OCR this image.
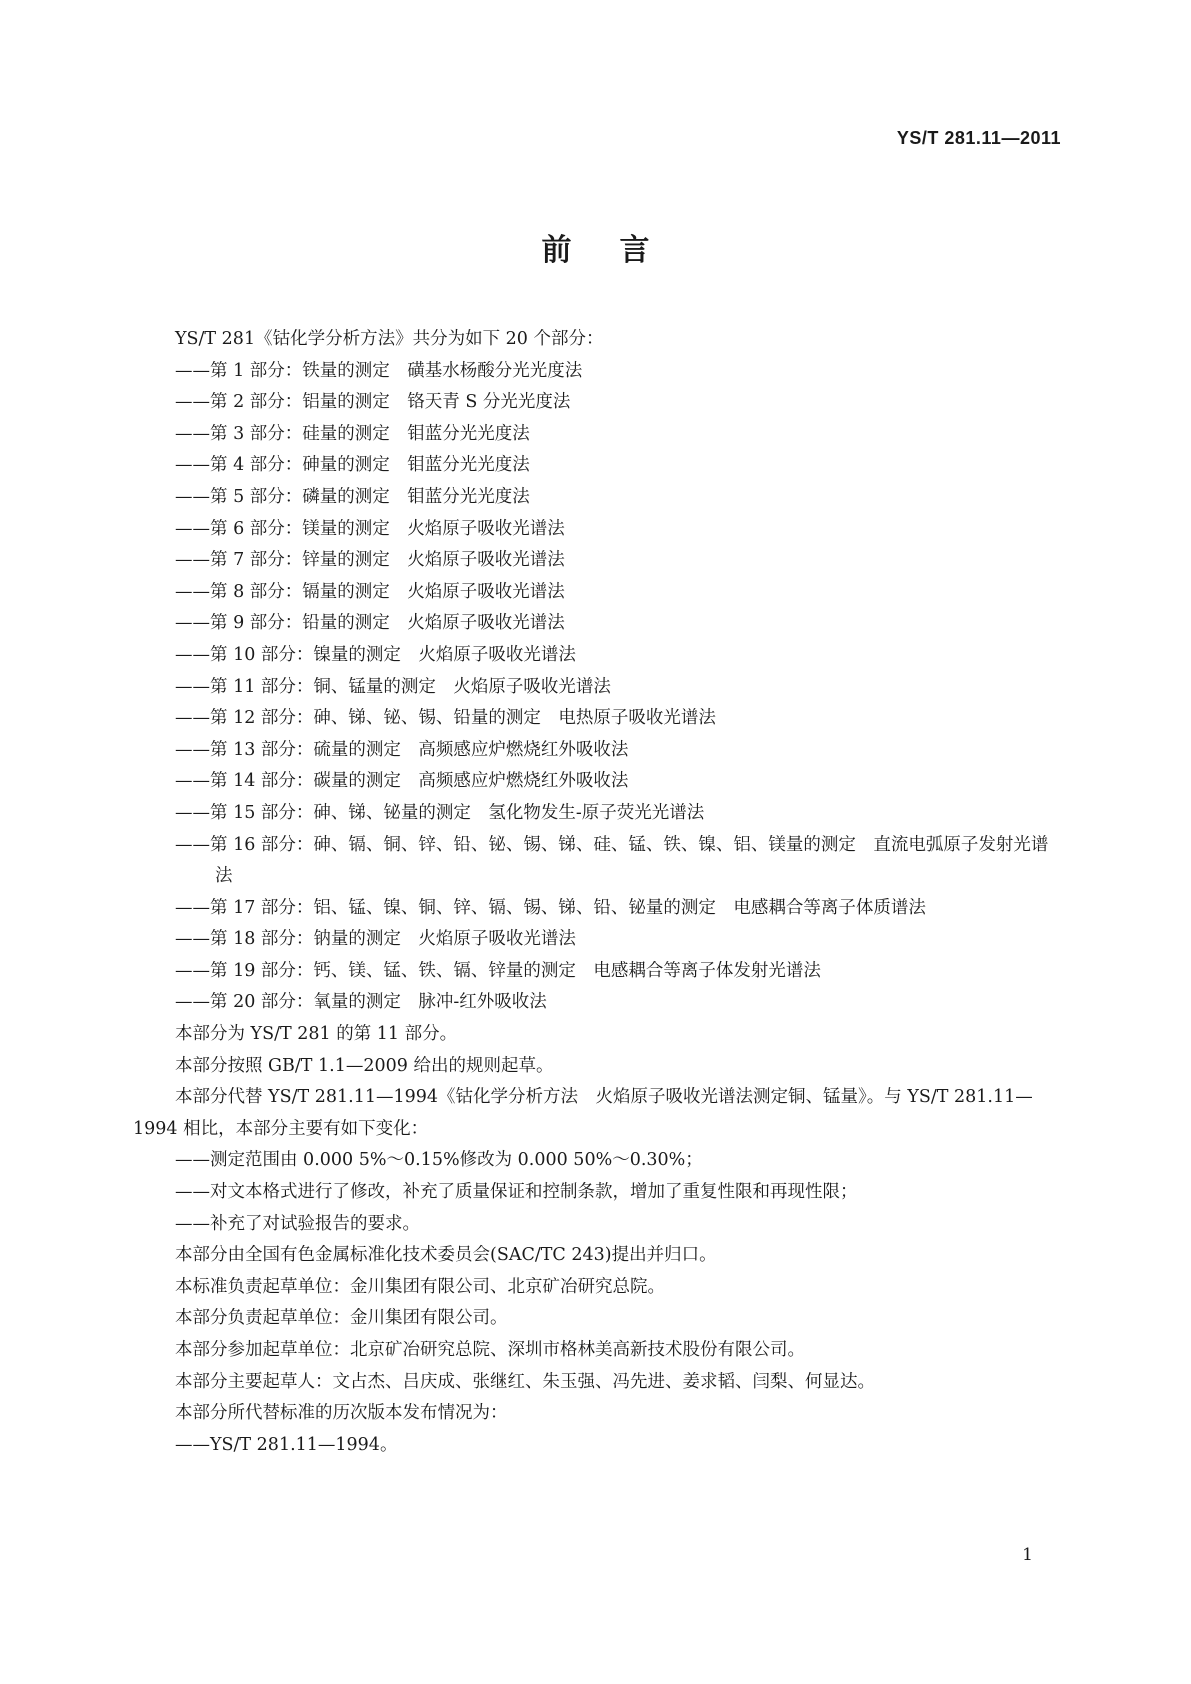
YS/T 281.11—2011
前言

YS/T 281《钴化学分析方法》共分为如下 20 个部分：

——第 1 部分：铁量的测定　磺基水杨酸分光光度法

——第 2 部分：铝量的测定　铬天青 S 分光光度法

——第 3 部分：硅量的测定　钼蓝分光光度法

——第 4 部分：砷量的测定　钼蓝分光光度法

——第 5 部分：磷量的测定　钼蓝分光光度法

——第 6 部分：镁量的测定　火焰原子吸收光谱法

——第 7 部分：锌量的测定　火焰原子吸收光谱法

——第 8 部分：镉量的测定　火焰原子吸收光谱法

——第 9 部分：铅量的测定　火焰原子吸收光谱法

——第 10 部分：镍量的测定　火焰原子吸收光谱法

——第 11 部分：铜、锰量的测定　火焰原子吸收光谱法

——第 12 部分：砷、锑、铋、锡、铅量的测定　电热原子吸收光谱法

——第 13 部分：硫量的测定　高频感应炉燃烧红外吸收法

——第 14 部分：碳量的测定　高频感应炉燃烧红外吸收法

——第 15 部分：砷、锑、铋量的测定　氢化物发生-原子荧光光谱法

——第 16 部分：砷、镉、铜、锌、铅、铋、锡、锑、硅、锰、铁、镍、铝、镁量的测定　直流电弧原子发射光谱法

——第 17 部分：铝、锰、镍、铜、锌、镉、锡、锑、铅、铋量的测定　电感耦合等离子体质谱法

——第 18 部分：钠量的测定　火焰原子吸收光谱法

——第 19 部分：钙、镁、锰、铁、镉、锌量的测定　电感耦合等离子体发射光谱法

——第 20 部分：氧量的测定　脉冲-红外吸收法

本部分为 YS/T 281 的第 11 部分。

本部分按照 GB/T 1.1—2009 给出的规则起草。

本部分代替 YS/T 281.11—1994《钴化学分析方法　火焰原子吸收光谱法测定铜、锰量》。与 YS/T 281.11—1994 相比，本部分主要有如下变化：

——测定范围由 0.000 5%～0.15%修改为 0.000 50%～0.30%；

——对文本格式进行了修改，补充了质量保证和控制条款，增加了重复性限和再现性限；

——补充了对试验报告的要求。

本部分由全国有色金属标准化技术委员会(SAC/TC 243)提出并归口。

本标准负责起草单位：金川集团有限公司、北京矿冶研究总院。

本部分负责起草单位：金川集团有限公司。

本部分参加起草单位：北京矿冶研究总院、深圳市格林美高新技术股份有限公司。

本部分主要起草人：文占杰、吕庆成、张继红、朱玉强、冯先进、姜求韬、闫梨、何显达。

本部分所代替标准的历次版本发布情况为：

——YS/T 281.11—1994。

1
